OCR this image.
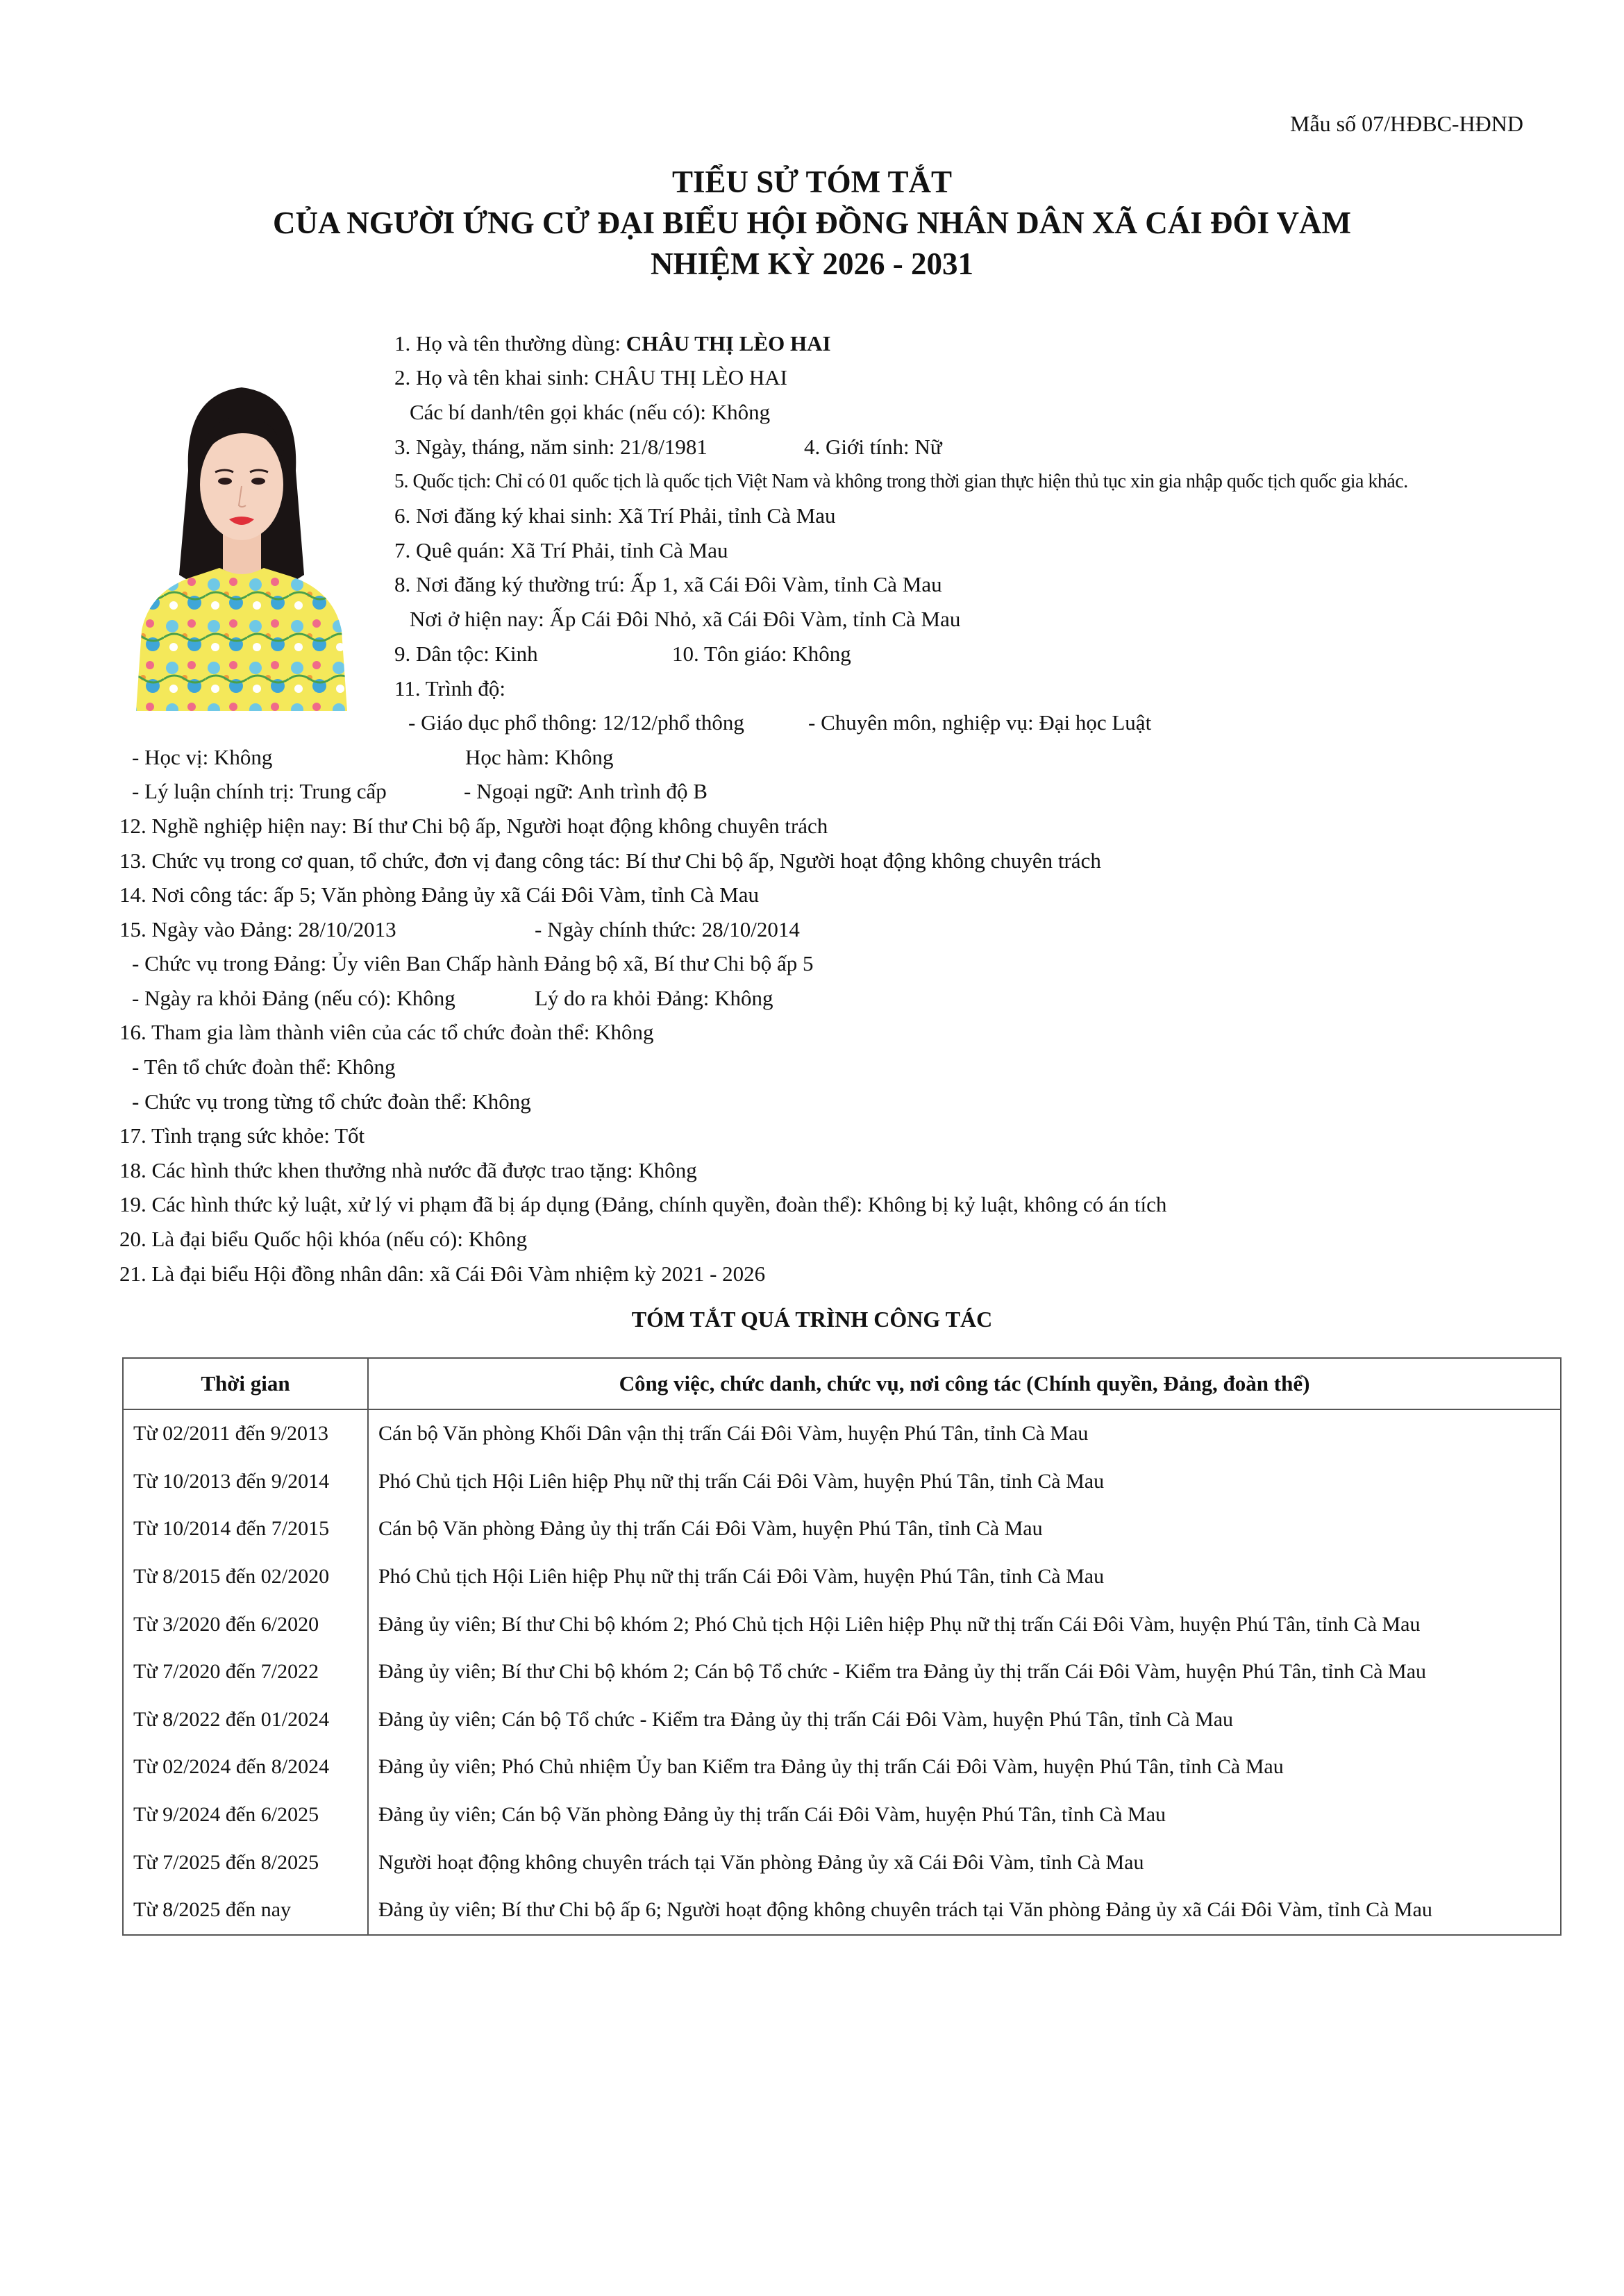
Mẫu số 07/HĐBC-HĐND
TIỂU SỬ TÓM TẮT
CỦA NGƯỜI ỨNG CỬ ĐẠI BIỂU HỘI ĐỒNG NHÂN DÂN XÃ CÁI ĐÔI VÀM
NHIỆM KỲ 2026 - 2031
1. Họ và tên thường dùng: CHÂU THỊ LÈO HAI
2. Họ và tên khai sinh: CHÂU THỊ LÈO HAI
Các bí danh/tên gọi khác (nếu có): Không
3. Ngày, tháng, năm sinh: 21/8/1981	4. Giới tính: Nữ
5. Quốc tịch: Chỉ có 01 quốc tịch là quốc tịch Việt Nam và không trong thời gian thực hiện thủ tục xin gia nhập quốc tịch quốc gia khác.
6. Nơi đăng ký khai sinh: Xã Trí Phải, tỉnh Cà Mau
7. Quê quán: Xã Trí Phải, tỉnh Cà Mau
8. Nơi đăng ký thường trú: Ấp 1, xã Cái Đôi Vàm, tỉnh Cà Mau
Nơi ở hiện nay: Ấp Cái Đôi Nhỏ, xã Cái Đôi Vàm, tỉnh Cà Mau
9. Dân tộc: Kinh	10. Tôn giáo: Không
11. Trình độ:
- Giáo dục phổ thông: 12/12/phổ thông	- Chuyên môn, nghiệp vụ: Đại học Luật
- Học vị: Không	Học hàm: Không
- Lý luận chính trị: Trung cấp	- Ngoại ngữ: Anh trình độ B
12. Nghề nghiệp hiện nay: Bí thư Chi bộ ấp, Người hoạt động không chuyên trách
13. Chức vụ trong cơ quan, tổ chức, đơn vị đang công tác: Bí thư Chi bộ ấp, Người hoạt động không chuyên trách
14. Nơi công tác: ấp 5; Văn phòng Đảng ủy xã Cái Đôi Vàm, tỉnh Cà Mau
15. Ngày vào Đảng: 28/10/2013	- Ngày chính thức: 28/10/2014
- Chức vụ trong Đảng: Ủy viên Ban Chấp hành Đảng bộ xã, Bí thư Chi bộ ấp 5
- Ngày ra khỏi Đảng (nếu có): Không	Lý do ra khỏi Đảng: Không
16. Tham gia làm thành viên của các tổ chức đoàn thể: Không
- Tên tổ chức đoàn thể: Không
- Chức vụ trong từng tổ chức đoàn thể: Không
17. Tình trạng sức khỏe: Tốt
18. Các hình thức khen thưởng nhà nước đã được trao tặng: Không
19. Các hình thức kỷ luật, xử lý vi phạm đã bị áp dụng (Đảng, chính quyền, đoàn thể): Không bị kỷ luật, không có án tích
20. Là đại biểu Quốc hội khóa (nếu có): Không
21. Là đại biểu Hội đồng nhân dân: xã Cái Đôi Vàm nhiệm kỳ 2021 - 2026
TÓM TẮT QUÁ TRÌNH CÔNG TÁC
Thời gian	Công việc, chức danh, chức vụ, nơi công tác (Chính quyền, Đảng, đoàn thể)
Từ 02/2011 đến 9/2013	Cán bộ Văn phòng Khối Dân vận thị trấn Cái Đôi Vàm, huyện Phú Tân, tỉnh Cà Mau
Từ 10/2013 đến 9/2014	Phó Chủ tịch Hội Liên hiệp Phụ nữ thị trấn Cái Đôi Vàm, huyện Phú Tân, tỉnh Cà Mau
Từ 10/2014 đến 7/2015	Cán bộ Văn phòng Đảng ủy thị trấn Cái Đôi Vàm, huyện Phú Tân, tỉnh Cà Mau
Từ 8/2015 đến 02/2020	Phó Chủ tịch Hội Liên hiệp Phụ nữ thị trấn Cái Đôi Vàm, huyện Phú Tân, tỉnh Cà Mau
Từ 3/2020 đến 6/2020	Đảng ủy viên; Bí thư Chi bộ khóm 2; Phó Chủ tịch Hội Liên hiệp Phụ nữ thị trấn Cái Đôi Vàm, huyện Phú Tân, tỉnh Cà Mau
Từ 7/2020 đến 7/2022	Đảng ủy viên; Bí thư Chi bộ khóm 2; Cán bộ Tổ chức - Kiểm tra Đảng ủy thị trấn Cái Đôi Vàm, huyện Phú Tân, tỉnh Cà Mau
Từ 8/2022 đến 01/2024	Đảng ủy viên; Cán bộ Tổ chức - Kiểm tra Đảng ủy thị trấn Cái Đôi Vàm, huyện Phú Tân, tỉnh Cà Mau
Từ 02/2024 đến 8/2024	Đảng ủy viên; Phó Chủ nhiệm Ủy ban Kiểm tra Đảng ủy thị trấn Cái Đôi Vàm, huyện Phú Tân, tỉnh Cà Mau
Từ 9/2024 đến 6/2025	Đảng ủy viên; Cán bộ Văn phòng Đảng ủy thị trấn Cái Đôi Vàm, huyện Phú Tân, tỉnh Cà Mau
Từ 7/2025 đến 8/2025	Người hoạt động không chuyên trách tại Văn phòng Đảng ủy xã Cái Đôi Vàm, tỉnh Cà Mau
Từ 8/2025 đến nay	Đảng ủy viên; Bí thư Chi bộ ấp 6; Người hoạt động không chuyên trách tại Văn phòng Đảng ủy xã Cái Đôi Vàm, tỉnh Cà Mau
